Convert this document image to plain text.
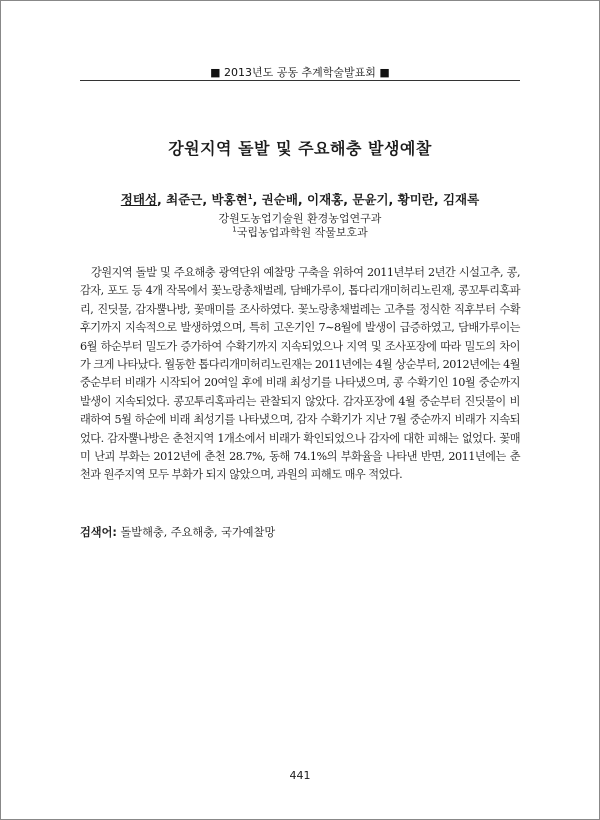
■ 2013년도 공동 추계학술발표회 ■
강원지역 돌발 및 주요해충 발생예찰
정태성, 최준근, 박홍현$^1$, 권순배, 이재홍, 문윤기, 황미란, 김재록
강원도농업기술원 환경농업연구과
$^1$국립농업과학원 작물보호과

강원지역 돌발 및 주요해충 광역단위 예찰망 구축을 위하여 2011년부터 2년간 시설고추, 콩, 감자, 포도 등 4개 작목에서 꽃노랑총채벌레, 담배가루이, 톱다리개미허리노린재, 콩꼬투리혹파리, 진딧물, 감자뿔나방, 꽃매미를 조사하였다. 꽃노랑총채벌레는 고추를 정식한 직후부터 수확 후기까지 지속적으로 발생하였으며, 특히 고온기인 7∼8월에 발생이 급증하였고, 담배가루이는 6월 하순부터 밀도가 증가하여 수확기까지 지속되었으나 지역 및 조사포장에 따라 밀도의 차이가 크게 나타났다. 월동한 톱다리개미허리노린재는 2011년에는 4월 상순부터, 2012년에는 4월 중순부터 비래가 시작되어 20여일 후에 비래 최성기를 나타냈으며, 콩 수확기인 10월 중순까지 발생이 지속되었다. 콩꼬투리혹파리는 관찰되지 않았다. 감자포장에 4월 중순부터 진딧물이 비래하여 5월 하순에 비래 최성기를 나타냈으며, 감자 수확기가 지난 7월 중순까지 비래가 지속되었다. 감자뿔나방은 춘천지역 1개소에서 비래가 확인되었으나 감자에 대한 피해는 없었다. 꽃매미 난괴 부화는 2012년에 춘천 28.7%, 동해 74.1%의 부화율을 나타낸 반면, 2011년에는 춘천과 원주지역 모두 부화가 되지 않았으며, 과원의 피해도 매우 적었다.

검색어: 돌발해충, 주요해충, 국가예찰망

441
